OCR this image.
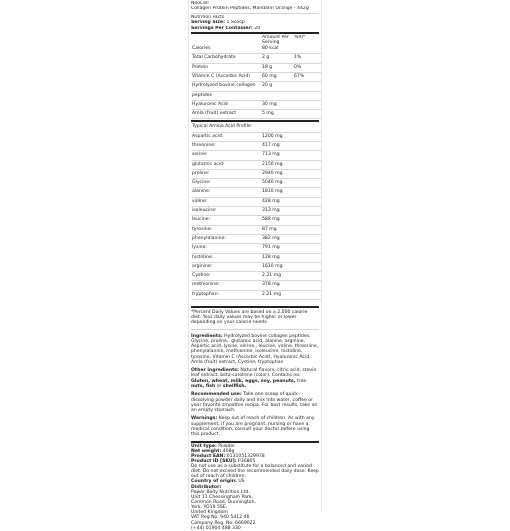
NeoCell
Collagen Protein Peptides, Mandarin Orange - 442g
Nutrition Facts
Serving Size: 1 Scoop
Servings Per Container: 20
	Amount Per Serving	%RI*
Calories	80 kcal	
Total Carbohydrate	2 g	1%
Protein	18 g	0%
Vitamin C (Ascorbic Acid)	60 mg	67%
Hydrolyzed bovine collagen	20 g	
peptides		
Hyaluronic Acid	30 mg	
Amla (fruit) extract	5 mg	
Typical Amino Acid Profile:		
Aspartic acid:	1200 mg	
threonine:	417 mg	
serine:	713 mg	
glutamic acid:	2150 mg	
proline:	2940 mg	
Glycine:	5040 mg	
alanine:	1810 mg	
valine:	428 mg	
isoleucine:	313 mg	
leucine:	588 mg	
tyrosine:	87 mg	
phenylalanine:	382 mg	
lysine:	791 mg	
histidine:	128 mg	
arginine:	1610 mg	
Cystine:	2.21 mg	
methionine:	378 mg	
tryptophan:	2.21 mg	
*Percent Daily Values are based on a 2,000 calorie diet. Your daily values may be higher or lower depending on your calorie needs.
Ingredients: Hydrolyzed bovine collagen peptides, Glycine, proline,, glutamic acid, alanine, arginine, Aspartic acid, lysine, serine,, leucine, valine, threonine, phenylalanine, methionine, isoleucine, histidine, tyrosine, Vitamin C (Ascorbic Acid), Hyaluronic Acid, Amla (fruit) extract, Cystine, tryptophan
Other ingredients: Natural flavors, citric acid, stevia leaf extract, beta-carotene (color). Contains no: Gluten, wheat, milk, eggs, soy, peanuts, tree nuts, fish or shellfish.
Recommended use: Take one scoop of quick-dissolving powder daily and mix into water, coffee or your favorite smoothie recipe. For best results, take on an empty stomach.
Warnings: Keep out of reach of children. As with any supplement, if you are pregnant, nursing or have a medical condition, consult your doctor before using this product.
Unit type: Powder
Net weight: 408g
Product EAN: 0131051329978
Product ID [SKU]: P36805
Do not use as a substitute for a balanced and varied diet. Do not exceed the recommended daily dose. Keep out of reach of children.
Country of origin: US
Distributor:
Power Body Nutrition Ltd.
Unit 11 Chessingham Park,
Common Road, Dunnington,
York, YO19 5SE,
United Kingdom
VAT Reg No. 940 5412 46
Company Reg. No. 6669022
(+44) 01904 488 330
